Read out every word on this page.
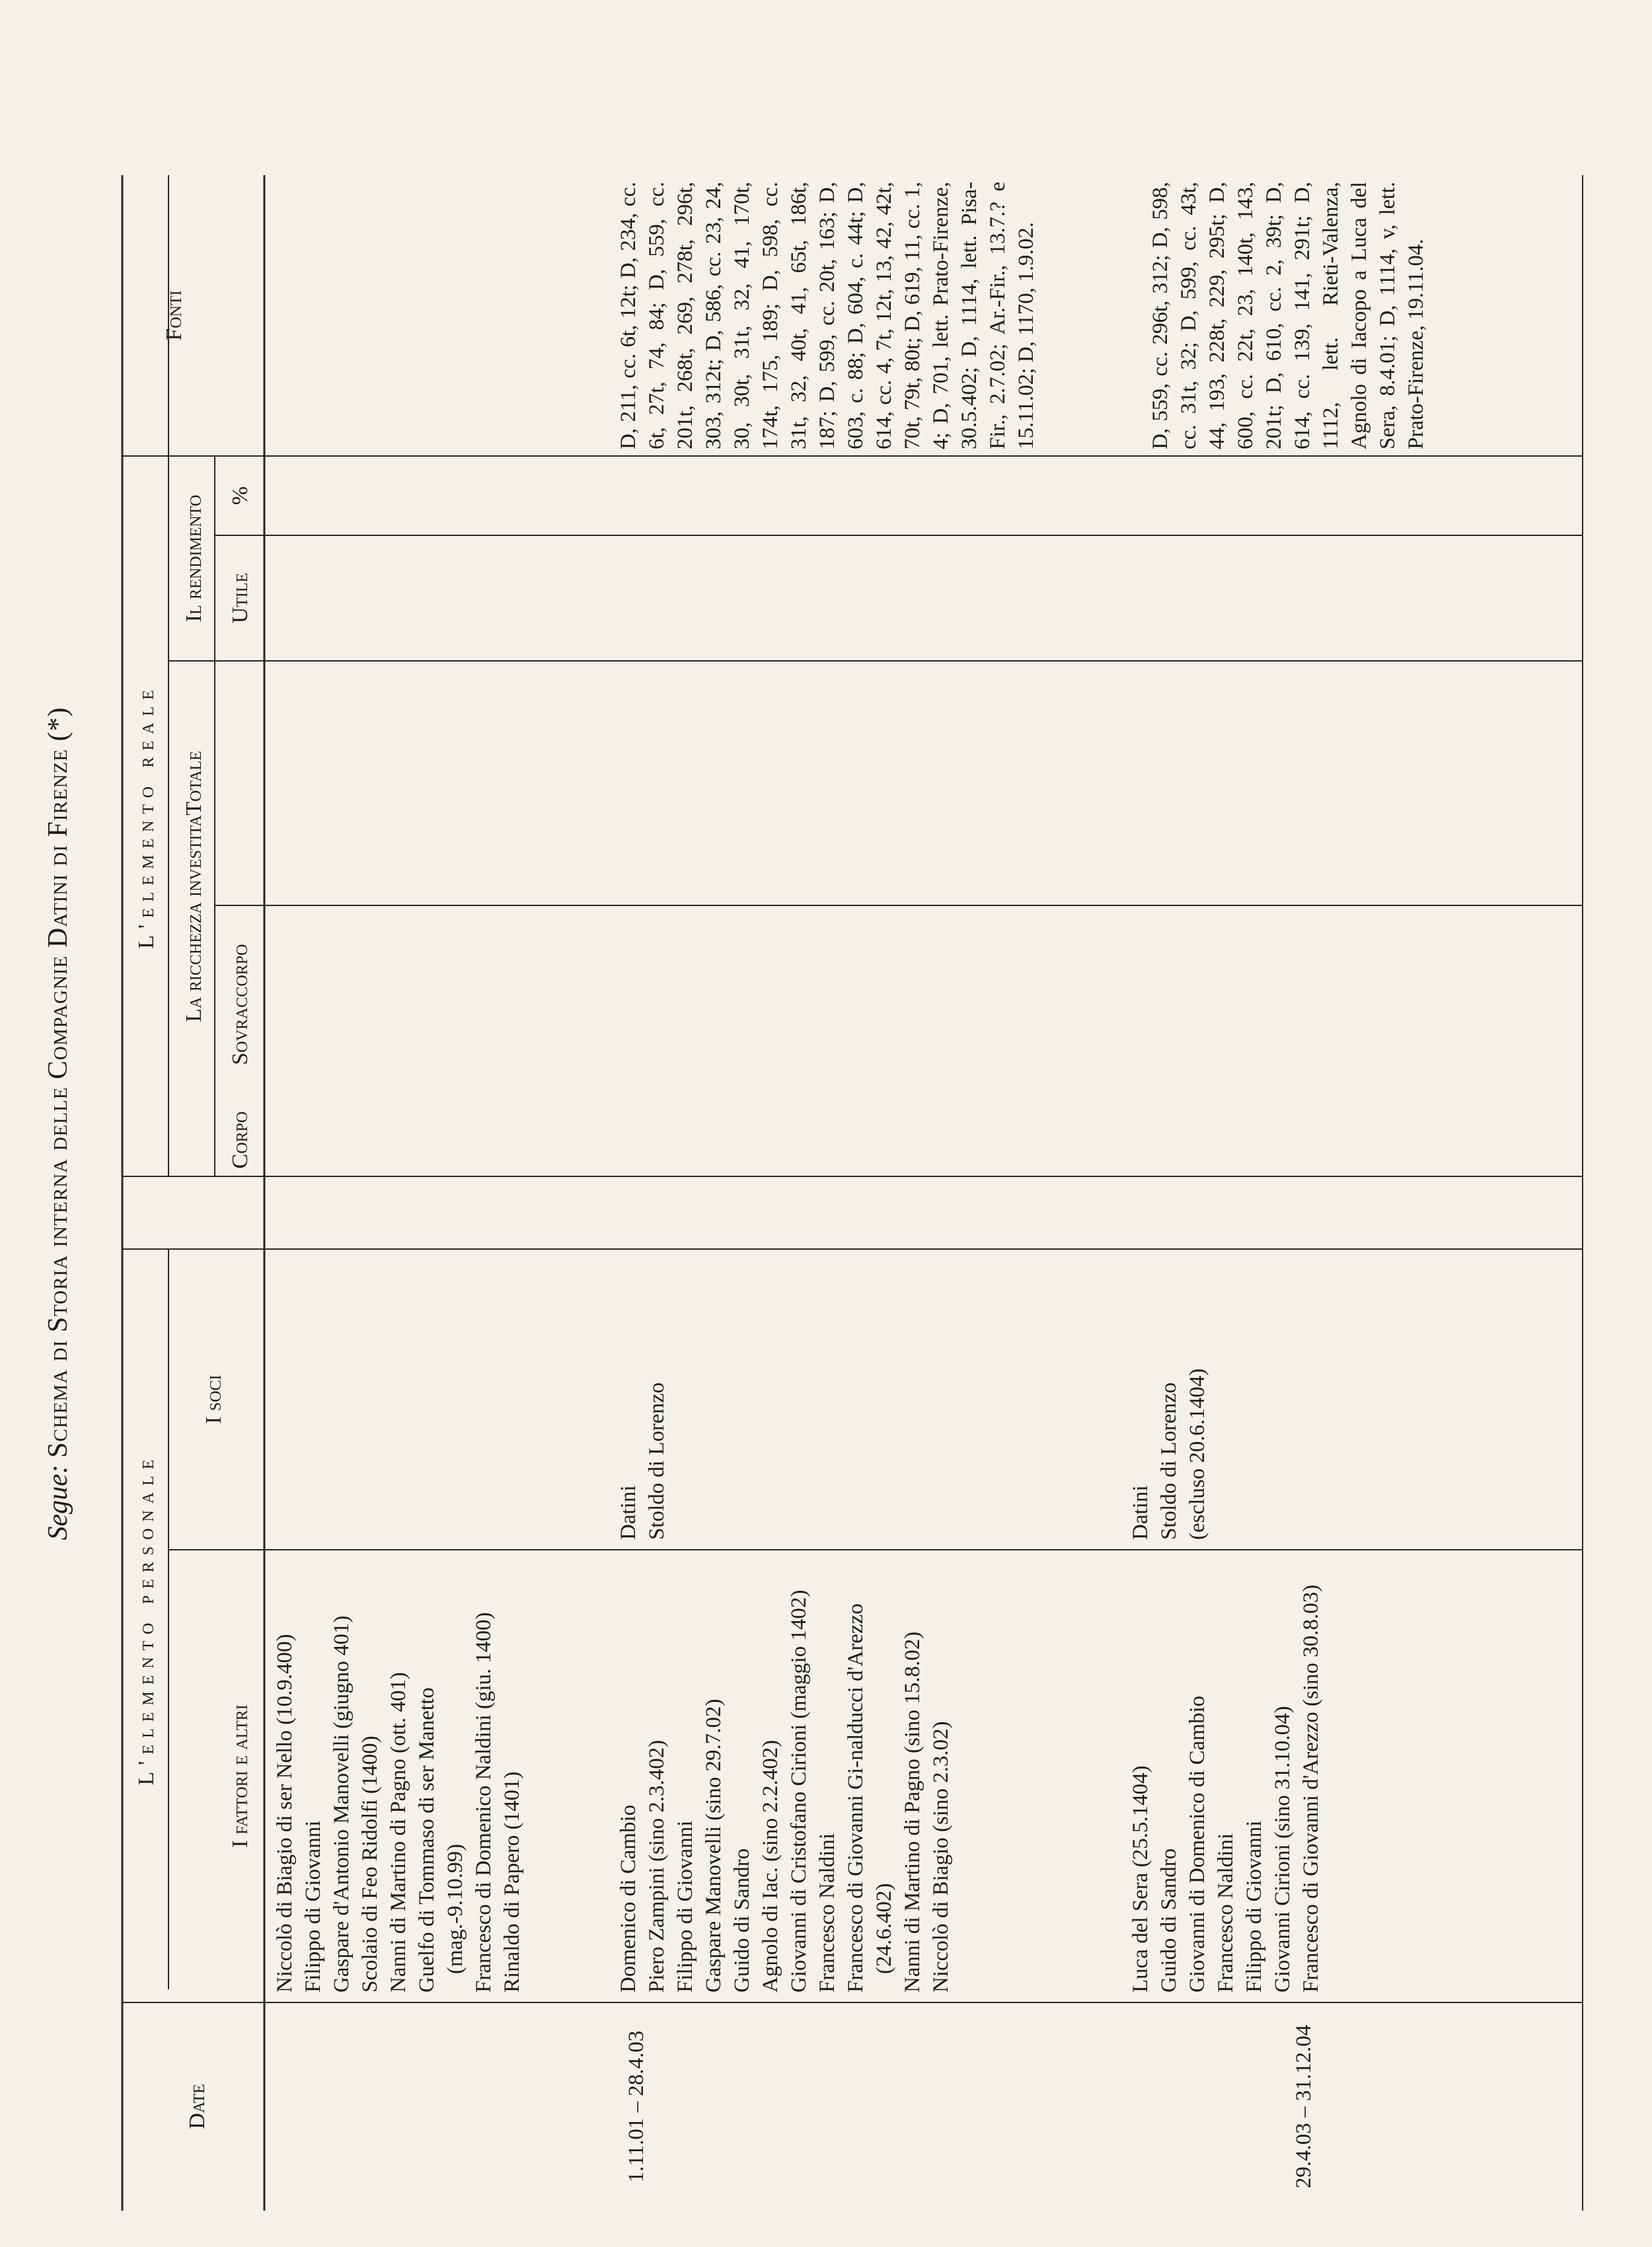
Segue: Schema di Storia interna delle Compagnie Datini di Firenze (*)
Date
L'elemento personale	I fattori e altri
I soci
L'elemento reale La ricchezza investita
Corpo
Sovraccorpo
Totale
Il rendimento Utile
%
Fonti
Niccolò di Biagio di ser Nello (10.9.400) Filippo di Giovanni Gaspare d'Antonio Manovelli (giugno 401) Scolaio di Feo Ridolfi (1400) Nanni di Martino di Pagno (ott. 401) Guelfo di Tommaso di ser Manetto (mag.-9.10.99) Francesco di Domenico Naldini (giu. 1400) Rinaldo di Papero (1401)
1.11.01 – 28.4.03
Domenico di Cambio Piero Zampini (sino 2.3.402) Filippo di Giovanni Gaspare Manovelli (sino 29.7.02) Guido di Sandro Agnolo di Iac. (sino 2.2.402) Giovanni di Cristofano Cirioni (maggio 1402) Francesco Naldini Francesco di Giovanni Gi-nalducci d'Arezzo (24.6.402) Nanni di Martino di Pagno (sino 15.8.02) Niccolò di Biagio (sino 2.3.02)
Datini Stoldo di Lorenzo
D, 211, cc. 6t, 12t; D, 234, cc. 6t, 27t, 74, 84; D, 559, cc. 201t, 268t, 269, 278t, 296t, 303, 312t; D, 586, cc. 23, 24, 30, 30t, 31t, 32, 41, 170t, 174t, 175, 189; D, 598, cc. 31t, 32, 40t, 41, 65t, 186t, 187; D, 599, cc. 20t, 163; D, 603, c. 88; D, 604, c. 44t; D, 614, cc. 4, 7t, 12t, 13, 42, 42t, 70t, 79t, 80t; D, 619, 11, cc. 1, 4; D, 701, lett. Prato-Firenze, 30.5.402; D, 1114, lett. Pisa-Fir., 2.7.02; Ar.-Fir., 13.7.? e 15.11.02; D, 1170, 1.9.02.
29.4.03 – 31.12.04
Luca del Sera (25.5.1404) Guido di Sandro Giovanni di Domenico di Cambio Francesco Naldini Filippo di Giovanni Giovanni Cirioni (sino 31.10.04) Francesco di Giovanni d'Arezzo (sino 30.8.03)
Datini Stoldo di Lorenzo (escluso 20.6.1404)
D, 559, cc. 296t, 312; D, 598, cc. 31t, 32; D, 599, cc. 43t, 44, 193, 228t, 229, 295t; D, 600, cc. 22t, 23, 140t, 143, 201t; D, 610, cc. 2, 39t; D, 614, cc. 139, 141, 291t; D, 1112, lett. Rieti-Valenza, Agnolo di Iacopo a Luca del Sera, 8.4.01; D, 1114, v, lett. Prato-Firenze, 19.11.04.
